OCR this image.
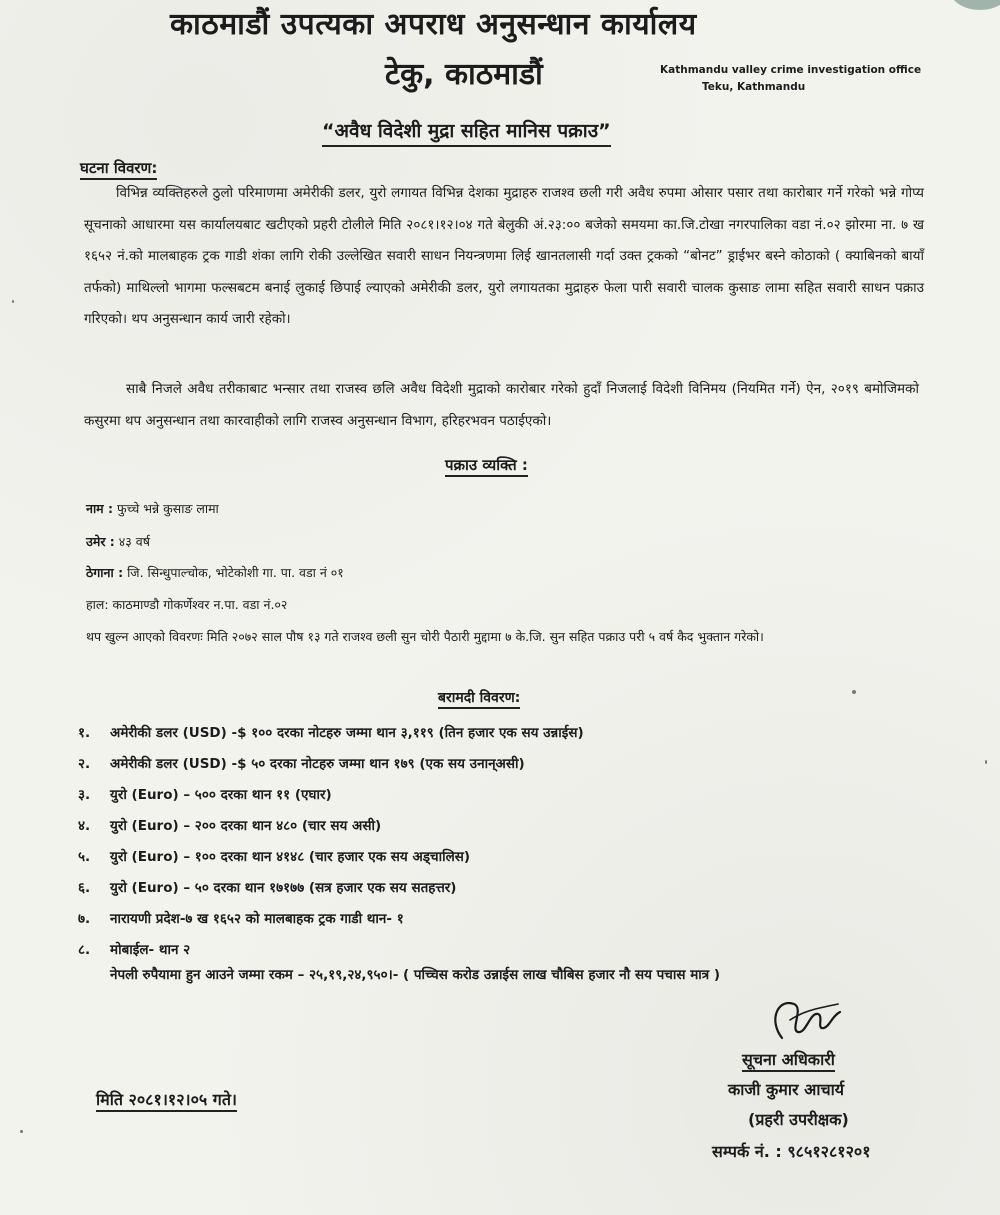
काठमाडौं उपत्यका अपराध अनुसन्धान कार्यालय
टेकु, काठमाडौं	Kathmandu valley crime investigation office
Teku, Kathmandu
“अवैध विदेशी मुद्रा सहित मानिस पक्राउ”
घटना विवरण:
विभिन्न व्यक्तिहरुले ठुलो परिमाणमा अमेरीकी डलर, युरो लगायत विभिन्न देशका मुद्राहरु राजश्व छली गरी अवैध रुपमा ओसार पसार तथा कारोबार गर्ने गरेको भन्ने गोप्य सूचनाको आधारमा यस कार्यालयबाट खटीएको प्रहरी टोलीले मिति २०८१।१२।०४ गते बेलुकी अं.२३:०० बजेको समयमा का.जि.टोखा नगरपालिका वडा नं.०२ झोरमा ना. ७ ख १६५२ नं.को मालबाहक ट्रक गाडी शंका लागि रोकी उल्लेखित सवारी साधन नियन्त्रणमा लिई खानतलासी गर्दा उक्त ट्रकको “बोनट” ड्राईभर बस्ने कोठाको ( क्याबिनको बायाँ तर्फको) माथिल्लो भागमा फल्सबटम बनाई लुकाई छिपाई ल्याएको अमेरीकी डलर, युरो लगायतका मुद्राहरु फेला पारी सवारी चालक कुसाङ लामा सहित सवारी साधन पक्राउ गरिएको। थप अनुसन्धान कार्य जारी रहेको।
साबै निजले अवैध तरीकाबाट भन्सार तथा राजस्व छलि अवैध विदेशी मुद्राको कारोबार गरेको हुदाँ निजलाई विदेशी विनिमय (नियमित गर्ने) ऐन, २०१९ बमोजिमको कसुरमा थप अनुसन्धान तथा कारवाहीको लागि राजस्व अनुसन्धान विभाग, हरिहरभवन पठाईएको।
पक्राउ व्यक्ति :
नाम : फुच्चे भन्ने कुसाङ लामा
उमेर : ४३ वर्ष
ठेगाना : जि. सिन्धुपाल्चोक, भोटेकोशी गा. पा. वडा नं ०१
हाल: काठमाण्डौ गोकर्णेश्वर न.पा. वडा नं.०२
थप खुल्न आएको विवरणः मिति २०७२ साल पौष १३ गते राजश्व छली सुन चोरी पैठारी मुद्दामा ७ के.जि. सुन सहित पक्राउ परी ५ वर्ष कैद भुक्तान गरेको।
बरामदी विवरण:
१. अमेरीकी डलर (USD) -$ १०० दरका नोटहरु जम्मा थान ३,११९ (तिन हजार एक सय उन्नाईस)
२. अमेरीकी डलर (USD) -$ ५० दरका नोटहरु जम्मा थान १७९ (एक सय उनान्असी)
३. युरो (Euro) – ५०० दरका थान ११ (एघार)
४. युरो (Euro) – २०० दरका थान ४८० (चार सय असी)
५. युरो (Euro) – १०० दरका थान ४१४८ (चार हजार एक सय अड्चालिस)
६. युरो (Euro) – ५० दरका थान १७१७७ (सत्र हजार एक सय सतहत्तर)
७. नारायणी प्रदेश-७ ख १६५२ को मालबाहक ट्रक गाडी थान- १
८. मोबाईल- थान २
नेपली रुपैयामा हुन आउने जम्मा रकम – २५,१९,२४,९५०।- ( पच्चिस करोड उन्नाईस लाख चौबिस हजार नौ सय पचास मात्र )
सूचना अधिकारी
काजी कुमार आचार्य
(प्रहरी उपरीक्षक)
सम्पर्क नं. : ९८५१२८१२०१
मिति २०८१।१२।०५ गते।
